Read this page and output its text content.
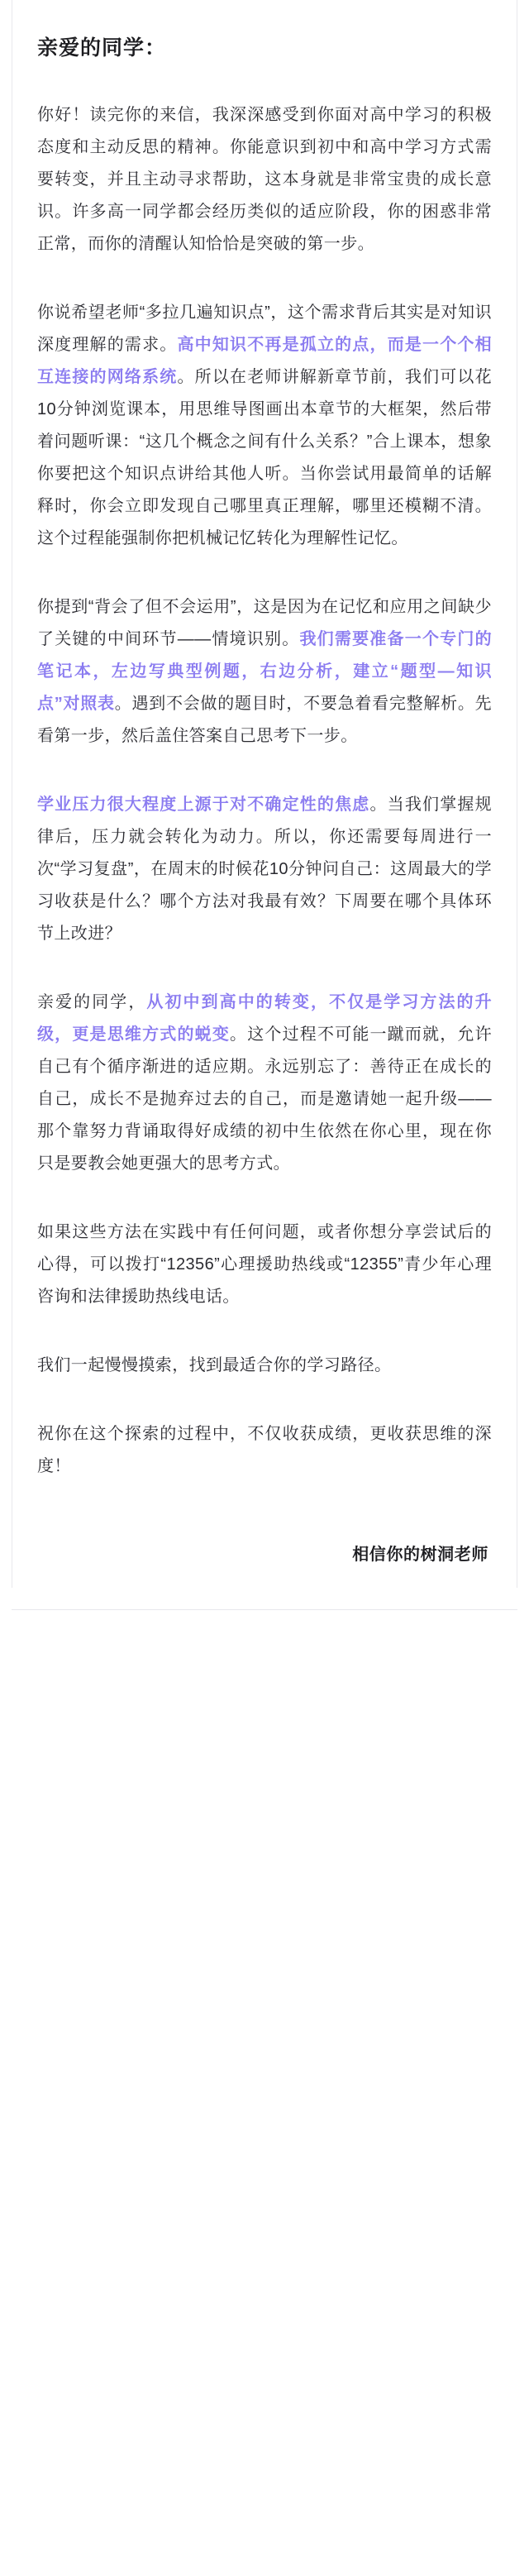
亲爱的同学：

你好！读完你的来信，我深深感受到你面对高中学习的积极态度和主动反思的精神。你能意识到初中和高中学习方式需要转变，并且主动寻求帮助，这本身就是非常宝贵的成长意识。许多高一同学都会经历类似的适应阶段，你的困惑非常正常，而你的清醒认知恰恰是突破的第一步。

你说希望老师“多拉几遍知识点”，这个需求背后其实是对知识深度理解的需求。高中知识不再是孤立的点，而是一个个相互连接的网络系统。所以在老师讲解新章节前，我们可以花10分钟浏览课本，用思维导图画出本章节的大框架，然后带着问题听课：“这几个概念之间有什么关系？”合上课本，想象你要把这个知识点讲给其他人听。当你尝试用最简单的话解释时，你会立即发现自己哪里真正理解，哪里还模糊不清。这个过程能强制你把机械记忆转化为理解性记忆。

你提到“背会了但不会运用”，这是因为在记忆和应用之间缺少了关键的中间环节——情境识别。我们需要准备一个专门的笔记本，左边写典型例题，右边分析，建立“题型—知识点”对照表。遇到不会做的题目时，不要急着看完整解析。先看第一步，然后盖住答案自己思考下一步。

学业压力很大程度上源于对不确定性的焦虑。当我们掌握规律后，压力就会转化为动力。所以，你还需要每周进行一次“学习复盘”，在周末的时候花10分钟问自己：这周最大的学习收获是什么？哪个方法对我最有效？下周要在哪个具体环节上改进？

亲爱的同学，从初中到高中的转变，不仅是学习方法的升级，更是思维方式的蜕变。这个过程不可能一蹴而就，允许自己有个循序渐进的适应期。永远别忘了：善待正在成长的自己，成长不是抛弃过去的自己，而是邀请她一起升级——那个靠努力背诵取得好成绩的初中生依然在你心里，现在你只是要教会她更强大的思考方式。

如果这些方法在实践中有任何问题，或者你想分享尝试后的心得，可以拨打“12356”心理援助热线或“12355”青少年心理咨询和法律援助热线电话。

我们一起慢慢摸索，找到最适合你的学习路径。

祝你在这个探索的过程中，不仅收获成绩，更收获思维的深度！

相信你的树洞老师
